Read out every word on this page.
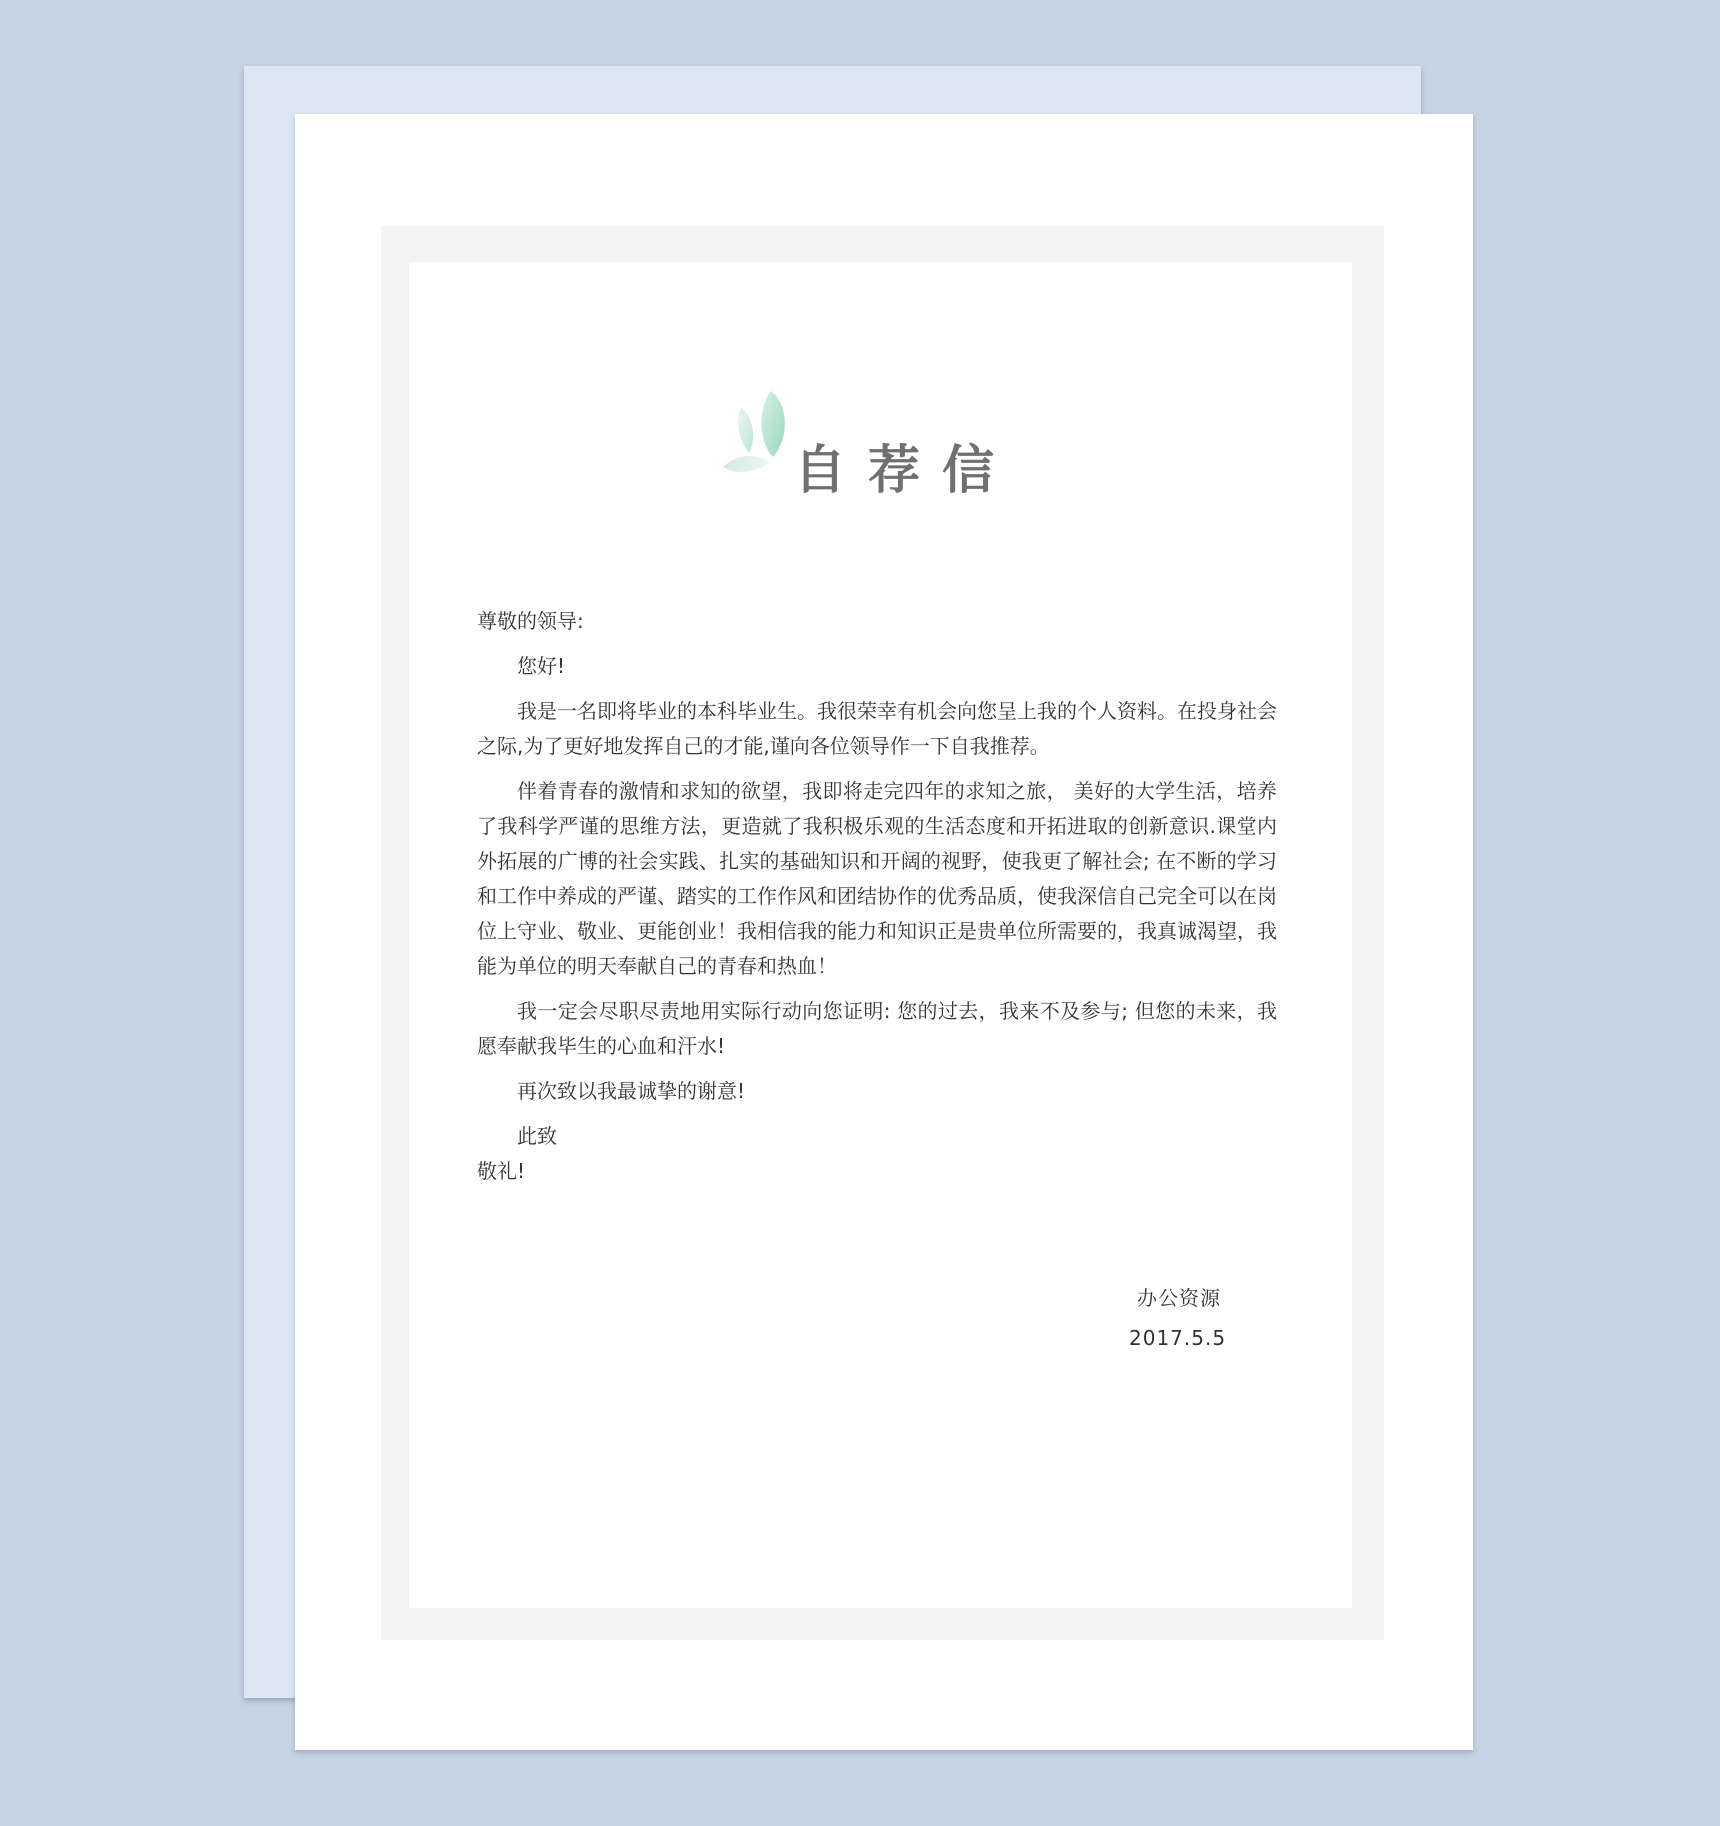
自荐信

尊敬的领导:

您好!

我是一名即将毕业的本科毕业生。我很荣幸有机会向您呈上我的个人资料。在投身社会之际,为了更好地发挥自己的才能,谨向各位领导作一下自我推荐。

伴着青春的激情和求知的欲望，我即将走完四年的求知之旅， 美好的大学生活，培养了我科学严谨的思维方法，更造就了我积极乐观的生活态度和开拓进取的创新意识.课堂内外拓展的广博的社会实践、扎实的基础知识和开阔的视野，使我更了解社会; 在不断的学习和工作中养成的严谨、踏实的工作作风和团结协作的优秀品质，使我深信自己完全可以在岗位上守业、敬业、更能创业！我相信我的能力和知识正是贵单位所需要的，我真诚渴望，我能为单位的明天奉献自己的青春和热血！

我一定会尽职尽责地用实际行动向您证明: 您的过去，我来不及参与; 但您的未来，我愿奉献我毕生的心血和汗水!

再次致以我最诚挚的谢意!

此致

敬礼!

办公资源
2017.5.5
